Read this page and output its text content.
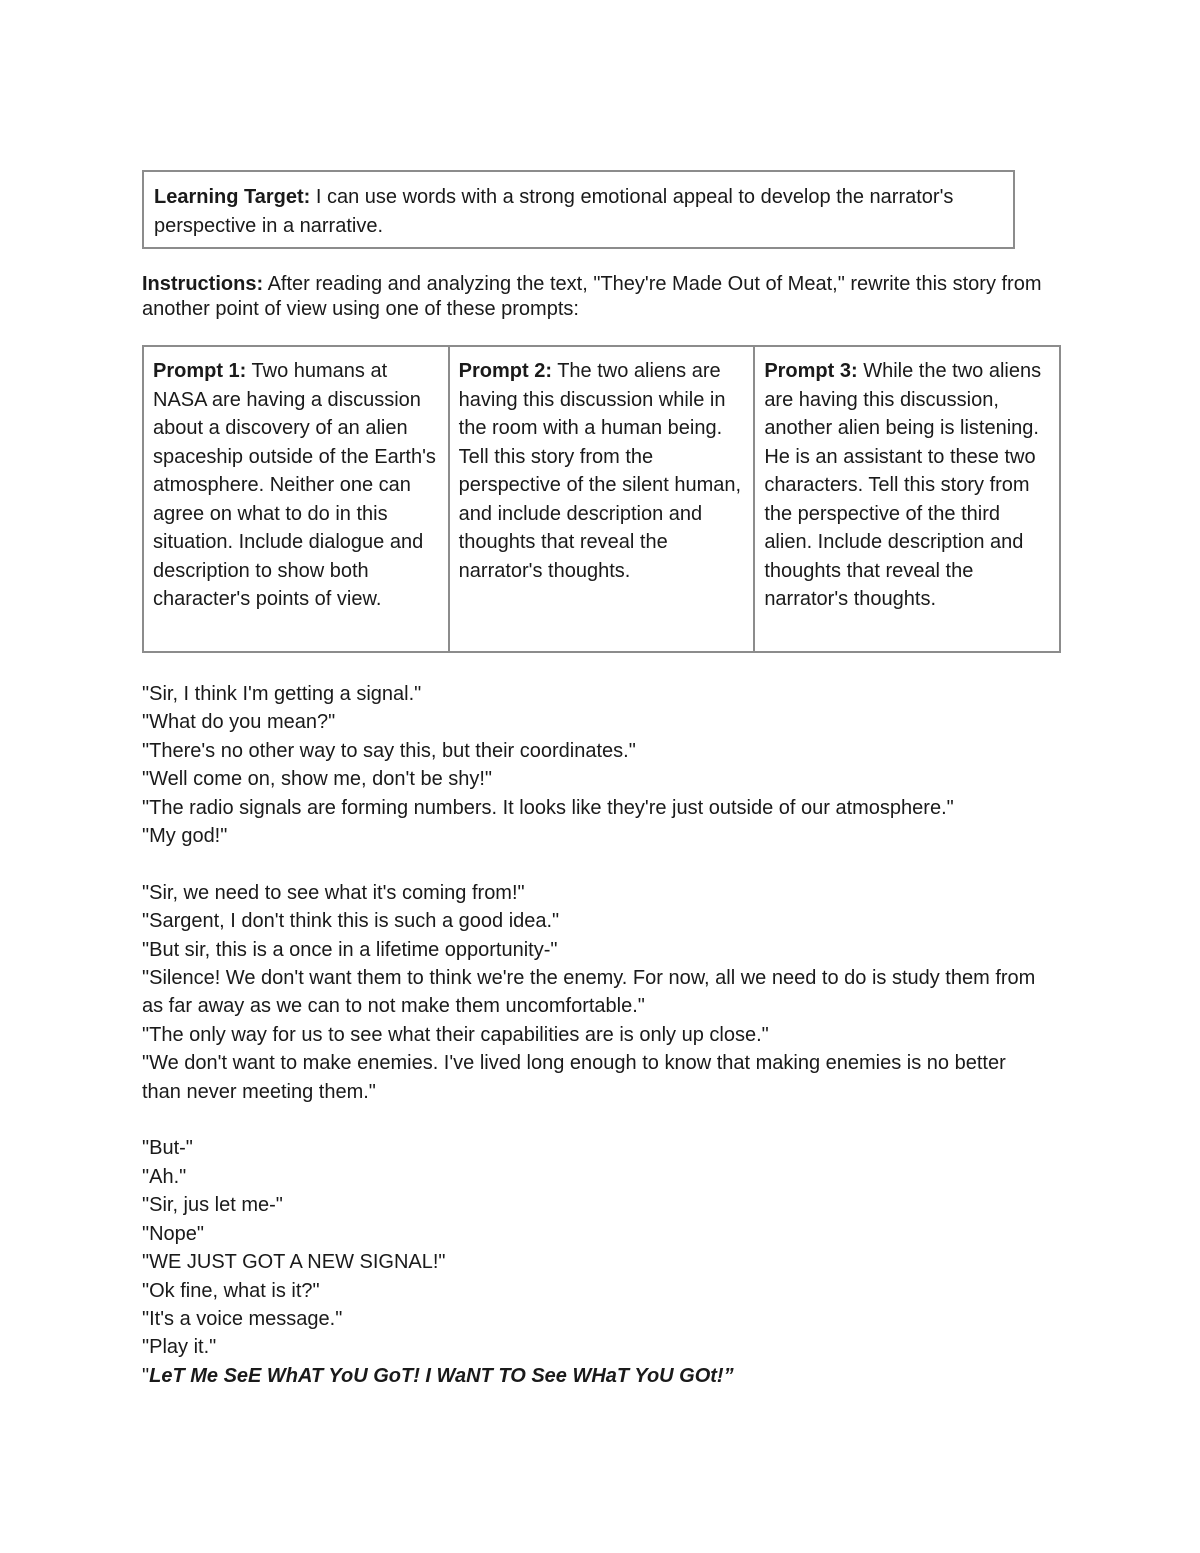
Learning Target: I can use words with a strong emotional appeal to develop the narrator's perspective in a narrative.
Instructions: After reading and analyzing the text, "They're Made Out of Meat," rewrite this story from another point of view using one of these prompts:
Prompt 1: Two humans at NASA are having a discussion about a discovery of an alien spaceship outside of the Earth's atmosphere. Neither one can agree on what to do in this situation. Include dialogue and description to show both character's points of view.	Prompt 2: The two aliens are having this discussion while in the room with a human being. Tell this story from the perspective of the silent human, and include description and thoughts that reveal the narrator's thoughts.	Prompt 3: While the two aliens are having this discussion, another alien being is listening. He is an assistant to these two characters. Tell this story from the perspective of the third alien. Include description and thoughts that reveal the narrator's thoughts.
"Sir, I think I'm getting a signal."
"What do you mean?"
"There's no other way to say this, but their coordinates."
"Well come on, show me, don't be shy!"
"The radio signals are forming numbers. It looks like they're just outside of our atmosphere."
"My god!"
"Sir, we need to see what it's coming from!"
"Sargent, I don't think this is such a good idea."
"But sir, this is a once in a lifetime opportunity-"
"Silence! We don't want them to think we're the enemy. For now, all we need to do is study them from as far away as we can to not make them uncomfortable."
"The only way for us to see what their capabilities are is only up close."
"We don't want to make enemies. I've lived long enough to know that making enemies is no better than never meeting them."
"But-"
"Ah."
"Sir, jus let me-"
"Nope"
"WE JUST GOT A NEW SIGNAL!"
"Ok fine, what is it?"
"It's a voice message."
"Play it."
"LeT Me SeE WhAT YoU GoT! I WaNT TO See WHaT YoU GOt!”
